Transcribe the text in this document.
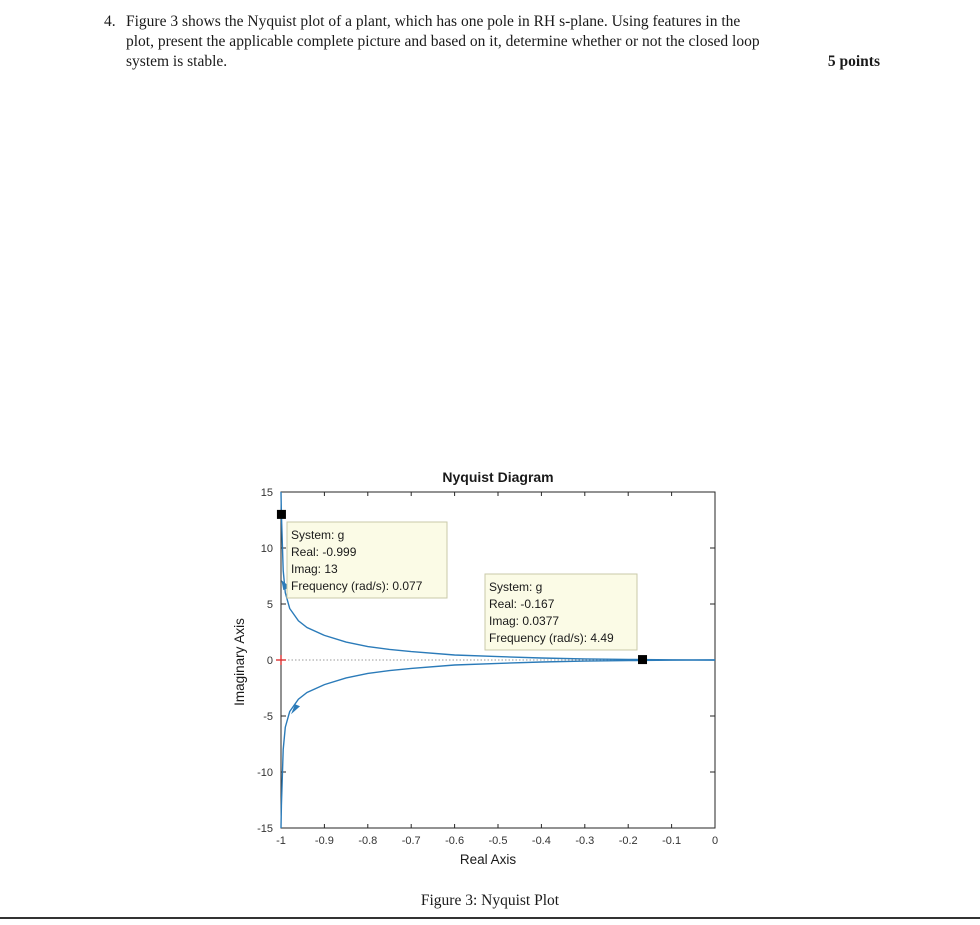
4. Figure 3 shows the Nyquist plot of a plant, which has one pole in RH s-plane. Using features in the
plot, present the applicable complete picture and based on it, determine whether or not the closed loop
system is stable.	5 points
-1	-0.9 -0.8 -0.7 -0.6 -0.5 -0.4 -0.3 -0.2 -0.1	0
15
10
5
0
-5
-10
-15
System: g
Real: -0.999
Imag: 13
Frequency (rad/s): 0.077	System: g
Real: -0.167
Imag: 0.0377
Frequency (rad/s): 4.49
Nyquist Diagram
Real Axis
Imaginary Axis
Figure 3: Nyquist Plot
